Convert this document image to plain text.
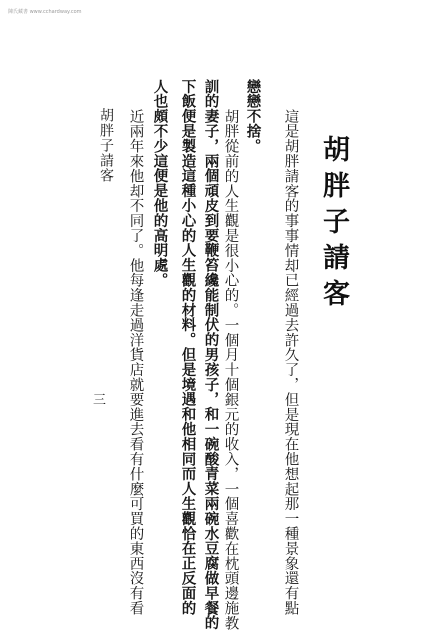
陳氏藏書 www.cchardway.com
胡胖子請客
這是胡胖請客的事事情却已經過去許久了，但是現在他想起那一種景象還有點
戀戀不捨。
胡胖從前的人生觀是很小心的。一個月十個銀元的收入，一個喜歡在枕頭邊施教
訓的妻子，兩個頑皮到要鞭笞纔能制伏的男孩子，和一碗酸青菜兩碗水豆腐做早餐的
下飯便是製造這種小心的人生觀的材料。但是境遇和他相同而人生觀恰在正反面的
人也頗不少這便是他的高明處。
近兩年來他却不同了。他每逢走過洋貨店就要進去看有什麼可買的東西沒有看
胡胖子請客
三
